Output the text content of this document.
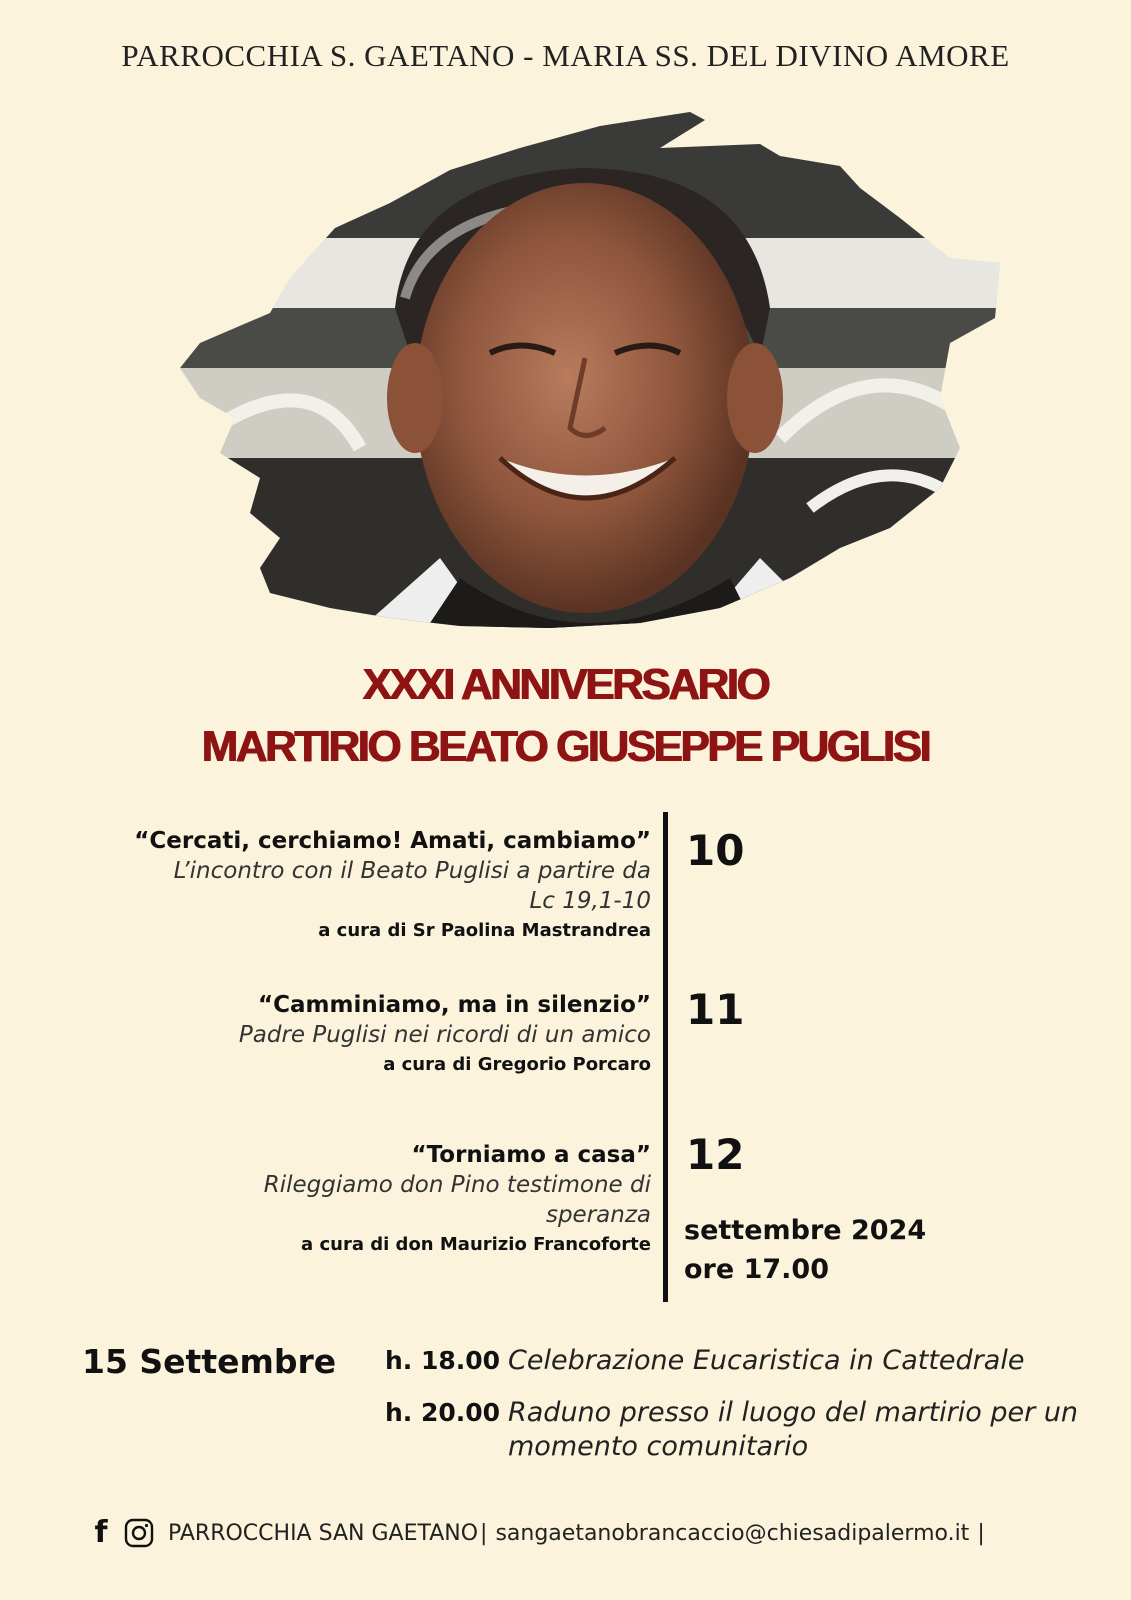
PARROCCHIA S. GAETANO - MARIA SS. DEL DIVINO AMORE
XXXI ANNIVERSARIO
MARTIRIO BEATO GIUSEPPE PUGLISI
“Cercati, cerchiamo! Amati, cambiamo”
L’incontro con il Beato Puglisi a partire da
Lc 19,1-10
a cura di Sr Paolina Mastrandrea
10
“Camminiamo, ma in silenzio”
Padre Puglisi nei ricordi di un amico
a cura di Gregorio Porcaro
11
“Torniamo a casa”
Rileggiamo don Pino testimone di
speranza
a cura di don Maurizio Francoforte
12
settembre 2024
ore 17.00
15 Settembre h. 18.00 Celebrazione Eucaristica in Cattedrale
h. 20.00 Raduno presso il luogo del martirio per un momento comunitario
f	PARROCCHIA SAN GAETANO | sangaetanobrancaccio@chiesadipalermo.it |
